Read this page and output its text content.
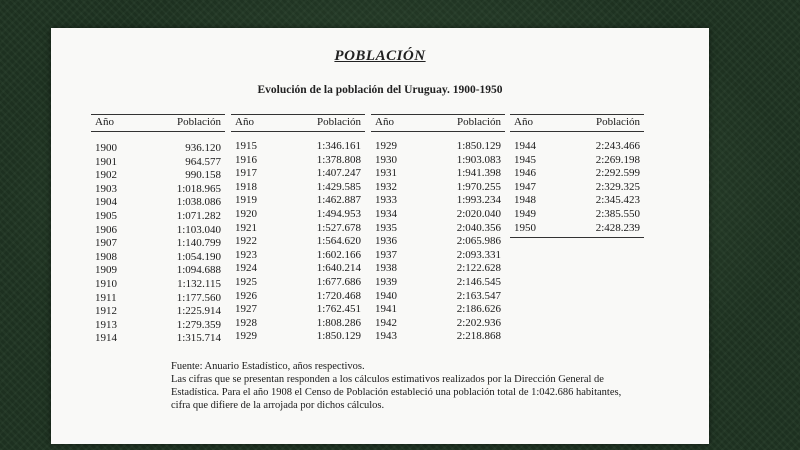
POBLACIÓN
Evolución de la población del Uruguay. 1900-1950
Año	Población
1900	936.120
1901	964.577
1902	990.158
1903	1:018.965
1904	1:038.086
1905	1:071.282
1906	1:103.040
1907	1:140.799
1908	1:054.190
1909	1:094.688
1910	1:132.115
1911	1:177.560
1912	1:225.914
1913	1:279.359
1914	1:315.714
Año	Población
1915	1:346.161
1916	1:378.808
1917	1:407.247
1918	1:429.585
1919	1:462.887
1920	1:494.953
1921	1:527.678
1922	1:564.620
1923	1:602.166
1924	1:640.214
1925	1:677.686
1926	1:720.468
1927	1:762.451
1928	1:808.286
1929	1:850.129
Año	Población
1929	1:850.129
1930	1:903.083
1931	1:941.398
1932	1:970.255
1933	1:993.234
1934	2:020.040
1935	2:040.356
1936	2:065.986
1937	2:093.331
1938	2:122.628
1939	2:146.545
1940	2:163.547
1941	2:186.626
1942	2:202.936
1943	2:218.868
Año	Población
1944	2:243.466
1945	2:269.198
1946	2:292.599
1947	2:329.325
1948	2:345.423
1949	2:385.550
1950	2:428.239
Fuente: Anuario Estadístico, años respectivos.
Las cifras que se presentan responden a los cálculos estimativos realizados por la Dirección General de
Estadística. Para el año 1908 el Censo de Población estableció una población total de 1:042.686 habitantes,
cifra que difiere de la arrojada por dichos cálculos.
